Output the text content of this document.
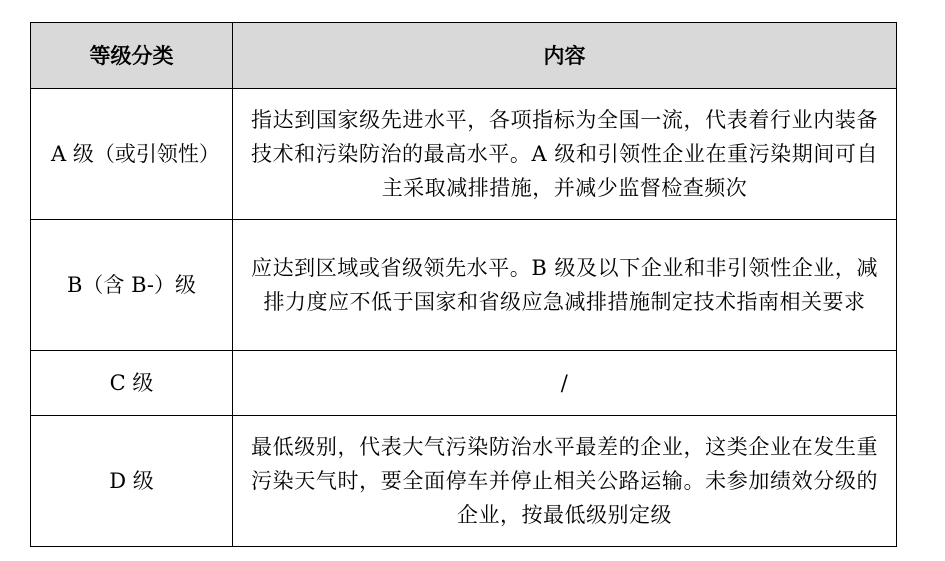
等级分类	内容
A 级（或引领性）	指达到国家级先进水平，各项指标为全国一流，代表着行业内装备技术和污染防治的最高水平。A 级和引领性企业在重污染期间可自主采取减排措施，并减少监督检查频次
B（含 B-）级	应达到区域或省级领先水平。B 级及以下企业和非引领性企业，减排力度应不低于国家和省级应急减排措施制定技术指南相关要求
C 级	/
D 级	最低级别，代表大气污染防治水平最差的企业，这类企业在发生重污染天气时，要全面停车并停止相关公路运输。未参加绩效分级的企业，按最低级别定级
